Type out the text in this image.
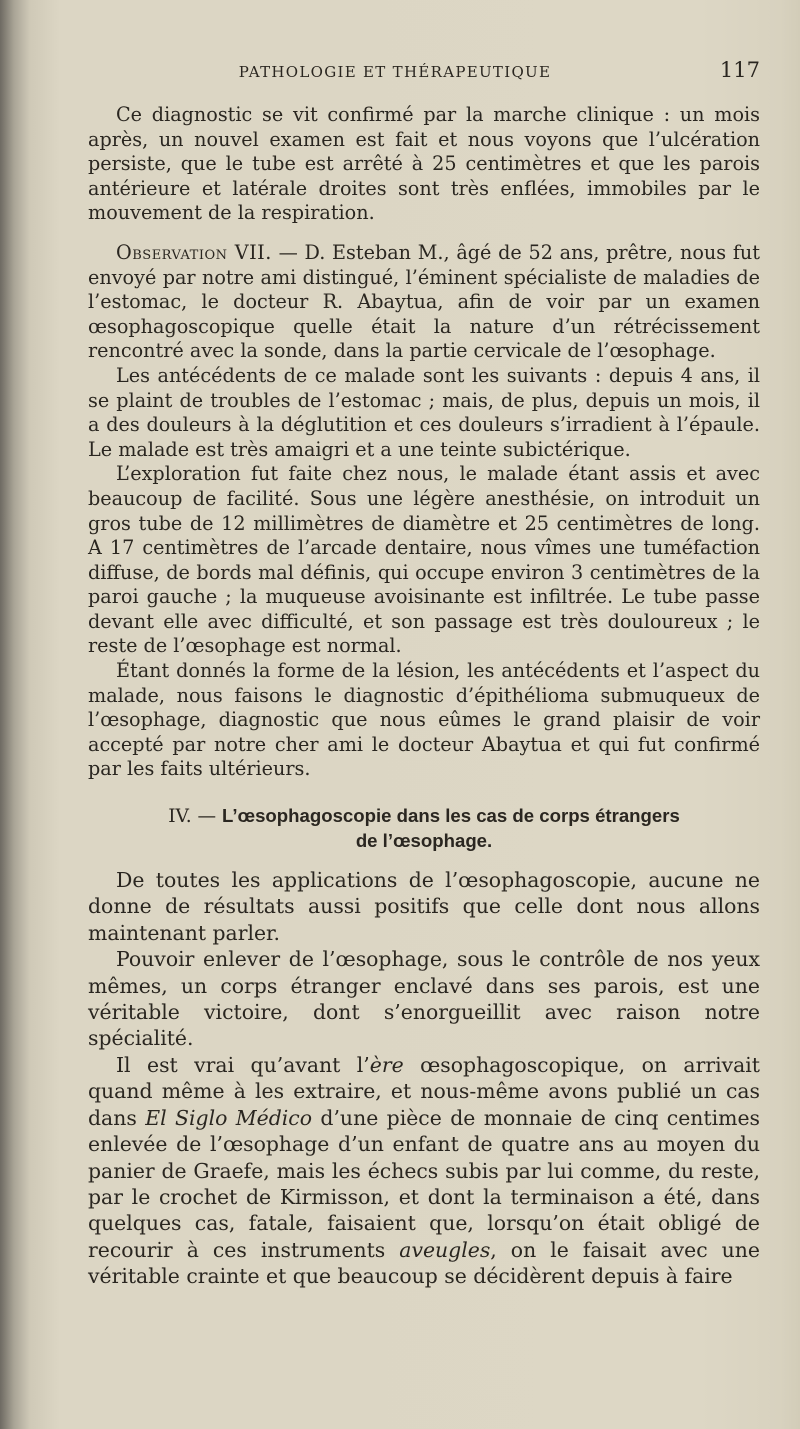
PATHOLOGIE ET THÉRAPEUTIQUE	117

Ce diagnostic se vit confirmé par la marche clinique : un mois après, un nouvel examen est fait et nous voyons que l’ulcération persiste, que le tube est arrêté à 25 centimètres et que les parois antérieure et latérale droites sont très enflées, immobiles par le mouvement de la respiration.

Observation VII. — D. Esteban M., âgé de 52 ans, prêtre, nous fut envoyé par notre ami distingué, l’éminent spécialiste de maladies de l’estomac, le docteur R. Abaytua, afin de voir par un examen œsophagoscopique quelle était la nature d’un rétrécissement rencontré avec la sonde, dans la partie cervicale de l’œsophage.

Les antécédents de ce malade sont les suivants : depuis 4 ans, il se plaint de troubles de l’estomac ; mais, de plus, depuis un mois, il a des douleurs à la déglutition et ces douleurs s’irradient à l’épaule. Le malade est très amaigri et a une teinte subictérique.

L’exploration fut faite chez nous, le malade étant assis et avec beaucoup de facilité. Sous une légère anesthésie, on introduit un gros tube de 12 millimètres de diamètre et 25 centimètres de long. A 17 centimètres de l’arcade dentaire, nous vîmes une tuméfaction diffuse, de bords mal définis, qui occupe environ 3 centimètres de la paroi gauche ; la muqueuse avoisinante est infiltrée. Le tube passe devant elle avec difficulté, et son passage est très douloureux ; le reste de l’œsophage est normal.

Étant donnés la forme de la lésion, les antécédents et l’aspect du malade, nous faisons le diagnostic d’épithélioma submuqueux de l’œsophage, diagnostic que nous eûmes le grand plaisir de voir accepté par notre cher ami le docteur Abaytua et qui fut confirmé par les faits ultérieurs.

IV. — L’œsophagoscopie dans les cas de corps étrangers
de l’œsophage.

De toutes les applications de l’œsophagoscopie, aucune ne donne de résultats aussi positifs que celle dont nous allons maintenant parler.

Pouvoir enlever de l’œsophage, sous le contrôle de nos yeux mêmes, un corps étranger enclavé dans ses parois, est une véritable victoire, dont s’enorgueillit avec raison notre spécialité.

Il est vrai qu’avant l’ère œsophagoscopique, on arrivait quand même à les extraire, et nous-même avons publié un cas dans El Siglo Médico d’une pièce de monnaie de cinq centimes enlevée de l’œsophage d’un enfant de quatre ans au moyen du panier de Graefe, mais les échecs subis par lui comme, du reste, par le crochet de Kirmisson, et dont la terminaison a été, dans quelques cas, fatale, faisaient que, lorsqu’on était obligé de recourir à ces instruments aveugles, on le faisait avec une véritable crainte et que beaucoup se décidèrent depuis à faire
